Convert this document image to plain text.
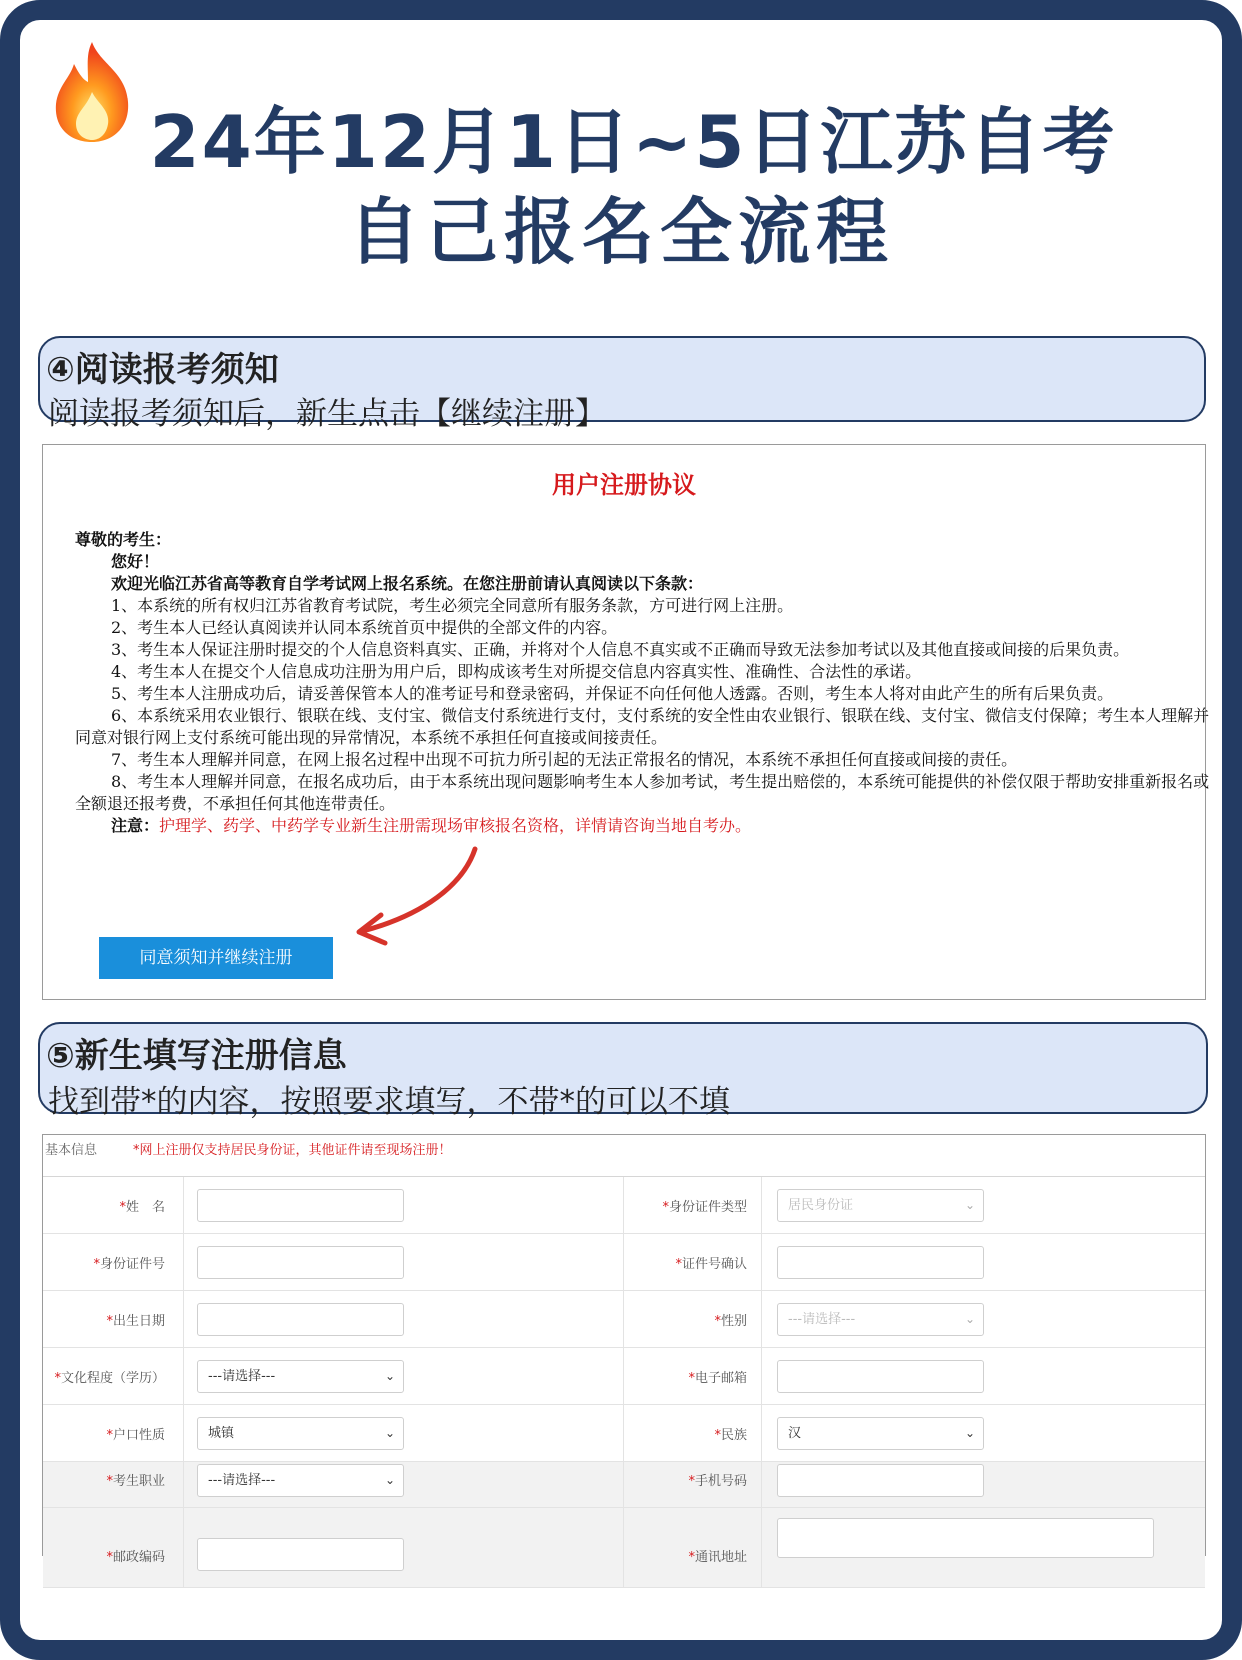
24年12月1日~5日江苏自考
自己报名全流程
④阅读报考须知
阅读报考须知后，新生点击【继续注册】
用户注册协议

尊敬的考生：

您好！

欢迎光临江苏省高等教育自学考试网上报名系统。在您注册前请认真阅读以下条款：

1、本系统的所有权归江苏省教育考试院，考生必须完全同意所有服务条款，方可进行网上注册。

2、考生本人已经认真阅读并认同本系统首页中提供的全部文件的内容。

3、考生本人保证注册时提交的个人信息资料真实、正确，并将对个人信息不真实或不正确而导致无法参加考试以及其他直接或间接的后果负责。

4、考生本人在提交个人信息成功注册为用户后，即构成该考生对所提交信息内容真实性、准确性、合法性的承诺。

5、考生本人注册成功后，请妥善保管本人的准考证号和登录密码，并保证不向任何他人透露。否则，考生本人将对由此产生的所有后果负责。

6、本系统采用农业银行、银联在线、支付宝、微信支付系统进行支付，支付系统的安全性由农业银行、银联在线、支付宝、微信支付保障；考生本人理解并同意对银行网上支付系统可能出现的异常情况，本系统不承担任何直接或间接责任。

7、考生本人理解并同意，在网上报名过程中出现不可抗力所引起的无法正常报名的情况，本系统不承担任何直接或间接的责任。

8、考生本人理解并同意，在报名成功后，由于本系统出现问题影响考生本人参加考试，考生提出赔偿的，本系统可能提供的补偿仅限于帮助安排重新报名或全额退还报考费，不承担任何其他连带责任。

注意：护理学、药学、中药学专业新生注册需现场审核报名资格，详情请咨询当地自考办。

同意须知并继续注册
⑤新生填写注册信息
找到带*的内容，按照要求填写，不带*的可以不填
基本信息	*网上注册仅支持居民身份证，其他证件请至现场注册！
*姓　名	*身份证件类型	居民身份证	⌄
*身份证件号	*证件号确认
*出生日期	*性别	---请选择---	⌄
*文化程度（学历）	---请选择---	⌄	*电子邮箱
*户口性质	城镇	⌄	*民族	汉	⌄
*考生职业	---请选择---	⌄	*手机号码
*邮政编码	*通讯地址
